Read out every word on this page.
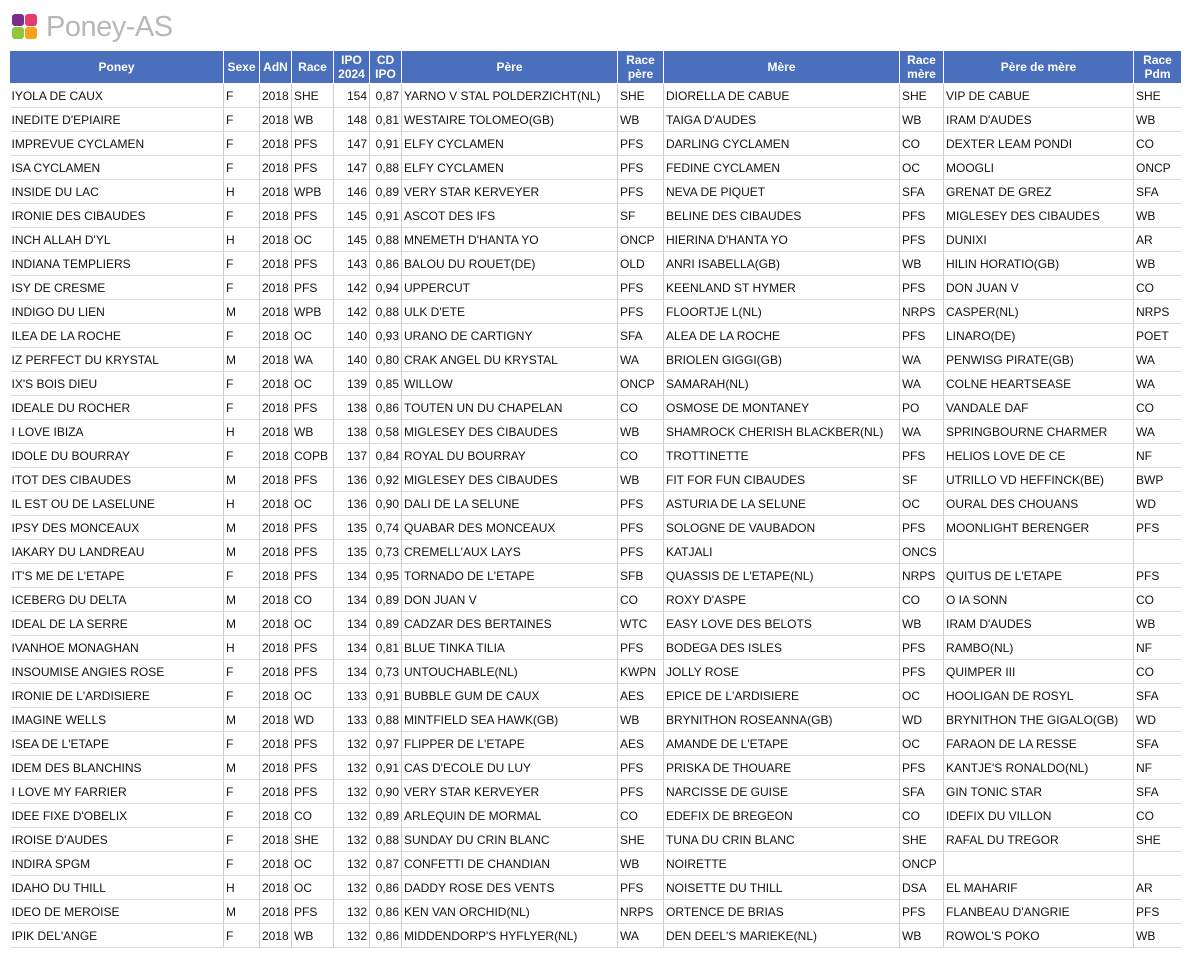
Poney-AS
Poney	Sexe	AdN	Race	IPO 2024	CD IPO	Père	Race père	Mère	Race mère	Père de mère	Race Pdm
IYOLA DE CAUX	F	2018	SHE	154	0,87	YARNO V STAL POLDERZICHT(NL)	SHE	DIORELLA DE CABUE	SHE	VIP DE CABUE	SHE
INEDITE D'EPIAIRE	F	2018	WB	148	0,81	WESTAIRE TOLOMEO(GB)	WB	TAIGA D'AUDES	WB	IRAM D'AUDES	WB
IMPREVUE CYCLAMEN	F	2018	PFS	147	0,91	ELFY CYCLAMEN	PFS	DARLING CYCLAMEN	CO	DEXTER LEAM PONDI	CO
ISA CYCLAMEN	F	2018	PFS	147	0,88	ELFY CYCLAMEN	PFS	FEDINE CYCLAMEN	OC	MOOGLI	ONCP
INSIDE DU LAC	H	2018	WPB	146	0,89	VERY STAR KERVEYER	PFS	NEVA DE PIQUET	SFA	GRENAT DE GREZ	SFA
IRONIE DES CIBAUDES	F	2018	PFS	145	0,91	ASCOT DES IFS	SF	BELINE DES CIBAUDES	PFS	MIGLESEY DES CIBAUDES	WB
INCH ALLAH D'YL	H	2018	OC	145	0,88	MNEMETH D'HANTA YO	ONCP	HIERINA D'HANTA YO	PFS	DUNIXI	AR
INDIANA TEMPLIERS	F	2018	PFS	143	0,86	BALOU DU ROUET(DE)	OLD	ANRI ISABELLA(GB)	WB	HILIN HORATIO(GB)	WB
ISY DE CRESME	F	2018	PFS	142	0,94	UPPERCUT	PFS	KEENLAND ST HYMER	PFS	DON JUAN V	CO
INDIGO DU LIEN	M	2018	WPB	142	0,88	ULK D'ETE	PFS	FLOORTJE L(NL)	NRPS	CASPER(NL)	NRPS
ILEA DE LA ROCHE	F	2018	OC	140	0,93	URANO DE CARTIGNY	SFA	ALEA DE LA ROCHE	PFS	LINARO(DE)	POET
IZ PERFECT DU KRYSTAL	M	2018	WA	140	0,80	CRAK ANGEL DU KRYSTAL	WA	BRIOLEN GIGGI(GB)	WA	PENWISG PIRATE(GB)	WA
IX'S BOIS DIEU	F	2018	OC	139	0,85	WILLOW	ONCP	SAMARAH(NL)	WA	COLNE HEARTSEASE	WA
IDEALE DU ROCHER	F	2018	PFS	138	0,86	TOUTEN UN DU CHAPELAN	CO	OSMOSE DE MONTANEY	PO	VANDALE DAF	CO
I LOVE IBIZA	H	2018	WB	138	0,58	MIGLESEY DES CIBAUDES	WB	SHAMROCK CHERISH BLACKBER(NL)	WA	SPRINGBOURNE CHARMER	WA
IDOLE DU BOURRAY	F	2018	COPB	137	0,84	ROYAL DU BOURRAY	CO	TROTTINETTE	PFS	HELIOS LOVE DE CE	NF
ITOT DES CIBAUDES	M	2018	PFS	136	0,92	MIGLESEY DES CIBAUDES	WB	FIT FOR FUN CIBAUDES	SF	UTRILLO VD HEFFINCK(BE)	BWP
IL EST OU DE LASELUNE	H	2018	OC	136	0,90	DALI DE LA SELUNE	PFS	ASTURIA DE LA SELUNE	OC	OURAL DES CHOUANS	WD
IPSY DES MONCEAUX	M	2018	PFS	135	0,74	QUABAR DES MONCEAUX	PFS	SOLOGNE DE VAUBADON	PFS	MOONLIGHT BERENGER	PFS
IAKARY DU LANDREAU	M	2018	PFS	135	0,73	CREMELL'AUX LAYS	PFS	KATJALI	ONCS		
IT'S ME DE L'ETAPE	F	2018	PFS	134	0,95	TORNADO DE L'ETAPE	SFB	QUASSIS DE L'ETAPE(NL)	NRPS	QUITUS DE L'ETAPE	PFS
ICEBERG DU DELTA	M	2018	CO	134	0,89	DON JUAN V	CO	ROXY D'ASPE	CO	O IA SONN	CO
IDEAL DE LA SERRE	M	2018	OC	134	0,89	CADZAR DES BERTAINES	WTC	EASY LOVE DES BELOTS	WB	IRAM D'AUDES	WB
IVANHOE MONAGHAN	H	2018	PFS	134	0,81	BLUE TINKA TILIA	PFS	BODEGA DES ISLES	PFS	RAMBO(NL)	NF
INSOUMISE ANGIES ROSE	F	2018	PFS	134	0,73	UNTOUCHABLE(NL)	KWPN	JOLLY ROSE	PFS	QUIMPER III	CO
IRONIE DE L'ARDISIERE	F	2018	OC	133	0,91	BUBBLE GUM DE CAUX	AES	EPICE DE L'ARDISIERE	OC	HOOLIGAN DE ROSYL	SFA
IMAGINE WELLS	M	2018	WD	133	0,88	MINTFIELD SEA HAWK(GB)	WB	BRYNITHON ROSEANNA(GB)	WD	BRYNITHON THE GIGALO(GB)	WD
ISEA DE L'ETAPE	F	2018	PFS	132	0,97	FLIPPER DE L'ETAPE	AES	AMANDE DE L'ETAPE	OC	FARAON DE LA RESSE	SFA
IDEM DES BLANCHINS	M	2018	PFS	132	0,91	CAS D'ECOLE DU LUY	PFS	PRISKA DE THOUARE	PFS	KANTJE'S RONALDO(NL)	NF
I LOVE MY FARRIER	F	2018	PFS	132	0,90	VERY STAR KERVEYER	PFS	NARCISSE DE GUISE	SFA	GIN TONIC STAR	SFA
IDEE FIXE D'OBELIX	F	2018	CO	132	0,89	ARLEQUIN DE MORMAL	CO	EDEFIX DE BREGEON	CO	IDEFIX DU VILLON	CO
IROISE D'AUDES	F	2018	SHE	132	0,88	SUNDAY DU CRIN BLANC	SHE	TUNA DU CRIN BLANC	SHE	RAFAL DU TREGOR	SHE
INDIRA SPGM	F	2018	OC	132	0,87	CONFETTI DE CHANDIAN	WB	NOIRETTE	ONCP		
IDAHO DU THILL	H	2018	OC	132	0,86	DADDY ROSE DES VENTS	PFS	NOISETTE DU THILL	DSA	EL MAHARIF	AR
IDEO DE MEROISE	M	2018	PFS	132	0,86	KEN VAN ORCHID(NL)	NRPS	ORTENCE DE BRIAS	PFS	FLANBEAU D'ANGRIE	PFS
IPIK DEL'ANGE	F	2018	WB	132	0,86	MIDDENDORP'S HYFLYER(NL)	WA	DEN DEEL'S MARIEKE(NL)	WB	ROWOL'S POKO	WB
